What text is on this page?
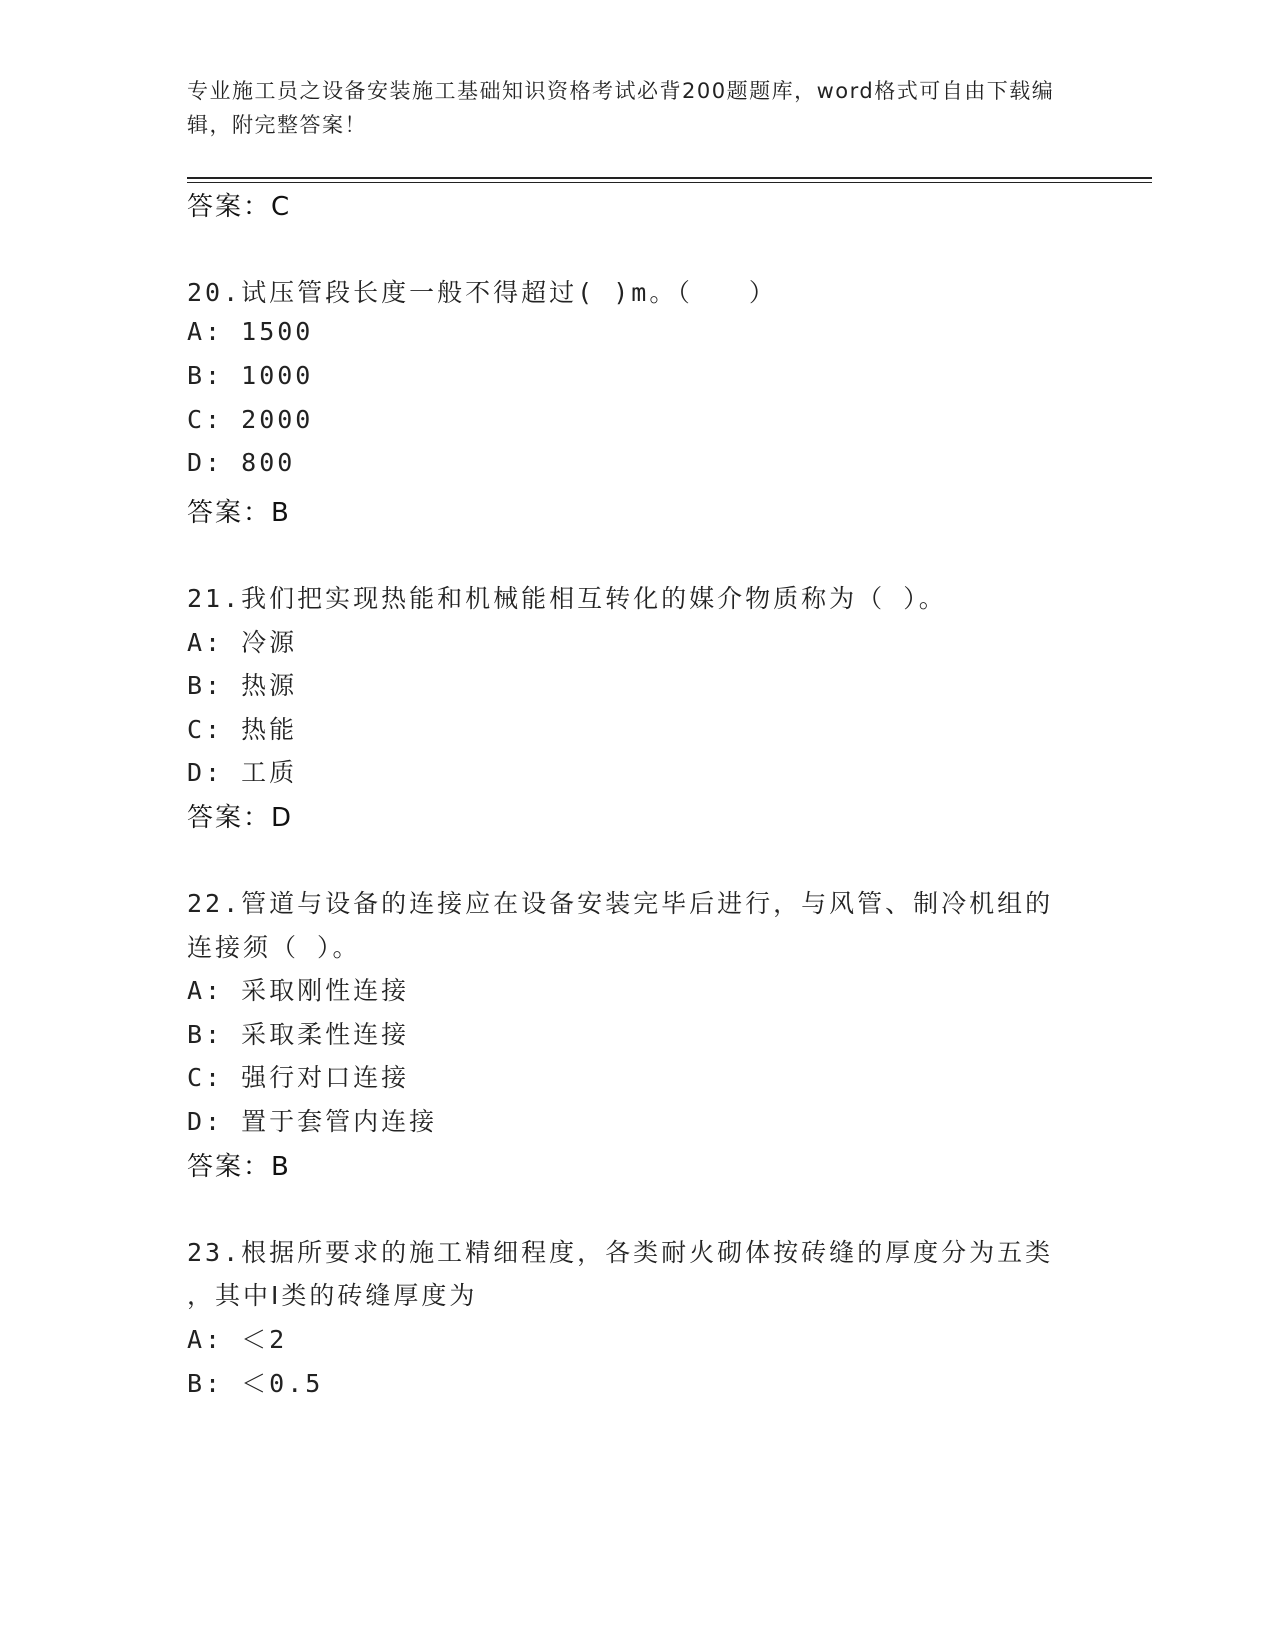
专业施工员之设备安装施工基础知识资格考试必背200题题库，word格式可自由下载编辑，附完整答案！
答案：C
20.试压管段长度一般不得超过( )m。（　　）
A: 1500
B: 1000
C: 2000
D: 800
答案：B
21.我们把实现热能和机械能相互转化的媒介物质称为（ ）。
A: 冷源
B: 热源
C: 热能
D: 工质
答案：D
22.管道与设备的连接应在设备安装完毕后进行，与风管、制冷机组的
连接须（ ）。
A: 采取刚性连接
B: 采取柔性连接
C: 强行对口连接
D: 置于套管内连接
答案：B
23.根据所要求的施工精细程度，各类耐火砌体按砖缝的厚度分为五类
，其中Ⅰ类的砖缝厚度为
A: ＜2
B: ＜0.5
